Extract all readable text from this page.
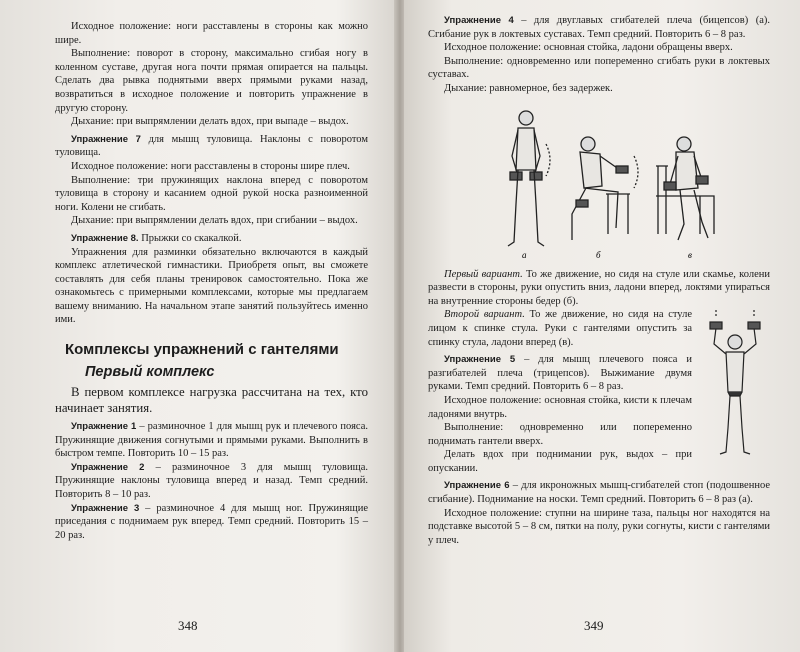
Исходное положение: ноги расставлены в стороны как можно шире.

Выполнение: поворот в сторону, максимально сгибая ногу в коленном суставе, другая нога почти прямая опирается на пальцы. Сделать два рывка поднятыми вверх прямыми руками назад, возвратиться в исходное положение и повторить упражнение в другую сторону.

Дыхание: при выпрямлении делать вдох, при выпаде – выдох.

Упражнение 7 для мышц туловища. Наклоны с поворотом туловища.

Исходное положение: ноги расставлены в стороны шире плеч.

Выполнение: три пружинящих наклона вперед с поворотом туловища в сторону и касанием одной рукой носка разноименной ноги. Колени не сгибать.

Дыхание: при выпрямлении делать вдох, при сгибании – выдох.

Упражнение 8. Прыжки со скакалкой.

Упражнения для разминки обязательно включаются в каждый комплекс атлетической гимнастики. Приобретя опыт, вы сможете составлять для себя планы тренировок самостоятельно. Пока же ознакомьтесь с примерными комплексами, которые мы предлагаем вашему вниманию. На начальном этапе занятий пользуйтесь именно ими.

Комплексы упражнений с гантелями
Первый комплекс

В первом комплексе нагрузка рассчитана на тех, кто начинает занятия.

Упражнение 1 – разминочное 1 для мышц рук и плечевого пояса. Пружинящие движения согнутыми и прямыми руками. Выполнить в быстром темпе. Повторить 10 – 15 раз.

Упражнение 2 – разминочное 3 для мышц туловища. Пружинящие наклоны туловища вперед и назад. Темп средний. Повторить 8 – 10 раз.

Упражнение 3 – разминочное 4 для мышц ног. Пружинящие приседания с поднимаем рук вперед. Темп средний. Повторить 15 – 20 раз.

348

Упражнение 4 – для двуглавых сгибателей плеча (бицепсов) (а). Сгибание рук в локтевых суставах. Темп средний. Повторить 6 – 8 раз.

Исходное положение: основная стойка, ладони обращены вверх.

Выполнение: одновременно или попеременно сгибать руки в локтевых суставах.

Дыхание: равномерное, без задержек.

а	б	в

Первый вариант. То же движение, но сидя на стуле или скамье, колени развести в стороны, руки опустить вниз, ладони вперед, локтями упираться на внутренние стороны бедер (б).

Второй вариант. То же движение, но сидя на стуле лицом к спинке стула. Руки с гантелями опустить за спинку стула, ладони вперед (в).

Упражнение 5 – для мышц плечевого пояса и разгибателей плеча (трицепсов). Выжимание двумя руками. Темп средний. Повторить 6 – 8 раз.

Исходное положение: основная стойка, кисти к плечам ладонями внутрь.

Выполнение: одновременно или попеременно поднимать гантели вверх.

Делать вдох при поднимании рук, выдох – при опускании.

Упражнение 6 – для икроножных мышц-сгибателей стоп (подошвенное сгибание). Поднимание на носки. Темп средний. Повторить 6 – 8 раз (а).

Исходное положение: ступни на ширине таза, пальцы ног находятся на подставке высотой 5 – 8 см, пятки на полу, руки согнуты, кисти с гантелями у плеч.

349
